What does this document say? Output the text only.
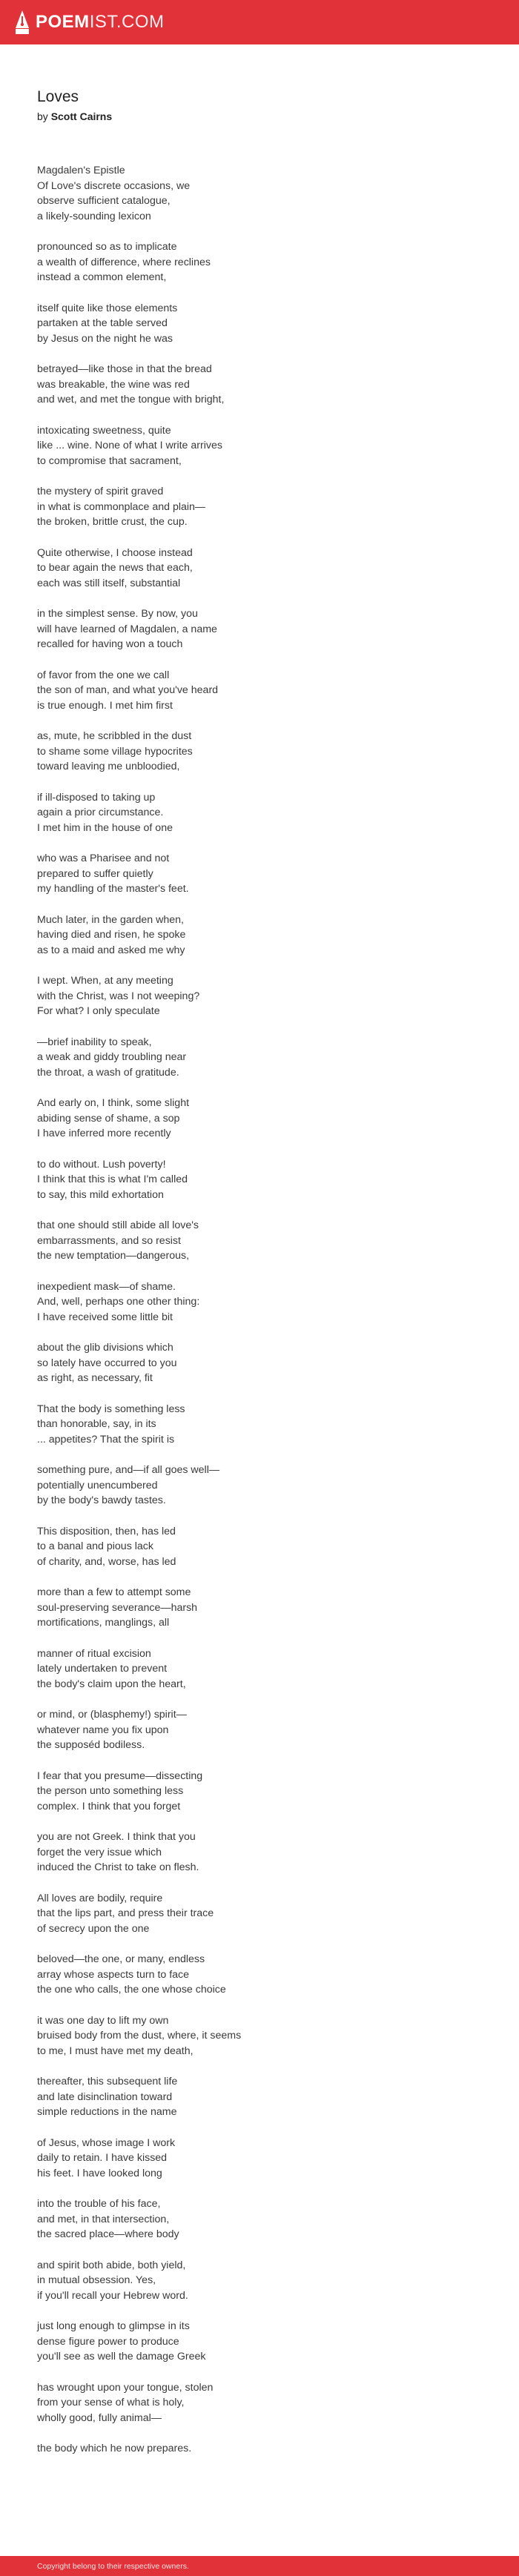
POEMIST.COM
Loves
by Scott Cairns
Magdalen's Epistle
Of Love's discrete occasions, we
observe sufficient catalogue,
a likely-sounding lexicon
pronounced so as to implicate
a wealth of difference, where reclines
instead a common element,
itself quite like those elements
partaken at the table served
by Jesus on the night he was
betrayed—like those in that the bread
was breakable, the wine was red
and wet, and met the tongue with bright,
intoxicating sweetness, quite
like ... wine. None of what I write arrives
to compromise that sacrament,
the mystery of spirit graved
in what is commonplace and plain—
the broken, brittle crust, the cup.
Quite otherwise, I choose instead
to bear again the news that each,
each was still itself, substantial
in the simplest sense. By now, you
will have learned of Magdalen, a name
recalled for having won a touch
of favor from the one we call
the son of man, and what you've heard
is true enough. I met him first
as, mute, he scribbled in the dust
to shame some village hypocrites
toward leaving me unbloodied,
if ill-disposed to taking up
again a prior circumstance.
I met him in the house of one
who was a Pharisee and not
prepared to suffer quietly
my handling of the master's feet.
Much later, in the garden when,
having died and risen, he spoke
as to a maid and asked me why
I wept. When, at any meeting
with the Christ, was I not weeping?
For what? I only speculate
—brief inability to speak,
a weak and giddy troubling near
the throat, a wash of gratitude.
And early on, I think, some slight
abiding sense of shame, a sop
I have inferred more recently
to do without. Lush poverty!
I think that this is what I'm called
to say, this mild exhortation
that one should still abide all love's
embarrassments, and so resist
the new temptation—dangerous,
inexpedient mask—of shame.
And, well, perhaps one other thing:
I have received some little bit
about the glib divisions which
so lately have occurred to you
as right, as necessary, fit
That the body is something less
than honorable, say, in its
... appetites? That the spirit is
something pure, and—if all goes well—
potentially unencumbered
by the body's bawdy tastes.
This disposition, then, has led
to a banal and pious lack
of charity, and, worse, has led
more than a few to attempt some
soul-preserving severance—harsh
mortifications, manglings, all
manner of ritual excision
lately undertaken to prevent
the body's claim upon the heart,
or mind, or (blasphemy!) spirit—
whatever name you fix upon
the supposéd bodiless.
I fear that you presume—dissecting
the person unto something less
complex. I think that you forget
you are not Greek. I think that you
forget the very issue which
induced the Christ to take on flesh.
All loves are bodily, require
that the lips part, and press their trace
of secrecy upon the one
beloved—the one, or many, endless
array whose aspects turn to face
the one who calls, the one whose choice
it was one day to lift my own
bruised body from the dust, where, it seems
to me, I must have met my death,
thereafter, this subsequent life
and late disinclination toward
simple reductions in the name
of Jesus, whose image I work
daily to retain. I have kissed
his feet. I have looked long
into the trouble of his face,
and met, in that intersection,
the sacred place—where body
and spirit both abide, both yield,
in mutual obsession. Yes,
if you'll recall your Hebrew word.
just long enough to glimpse in its
dense figure power to produce
you'll see as well the damage Greek
has wrought upon your tongue, stolen
from your sense of what is holy,
wholly good, fully animal—
the body which he now prepares.
Copyright belong to their respective owners.
